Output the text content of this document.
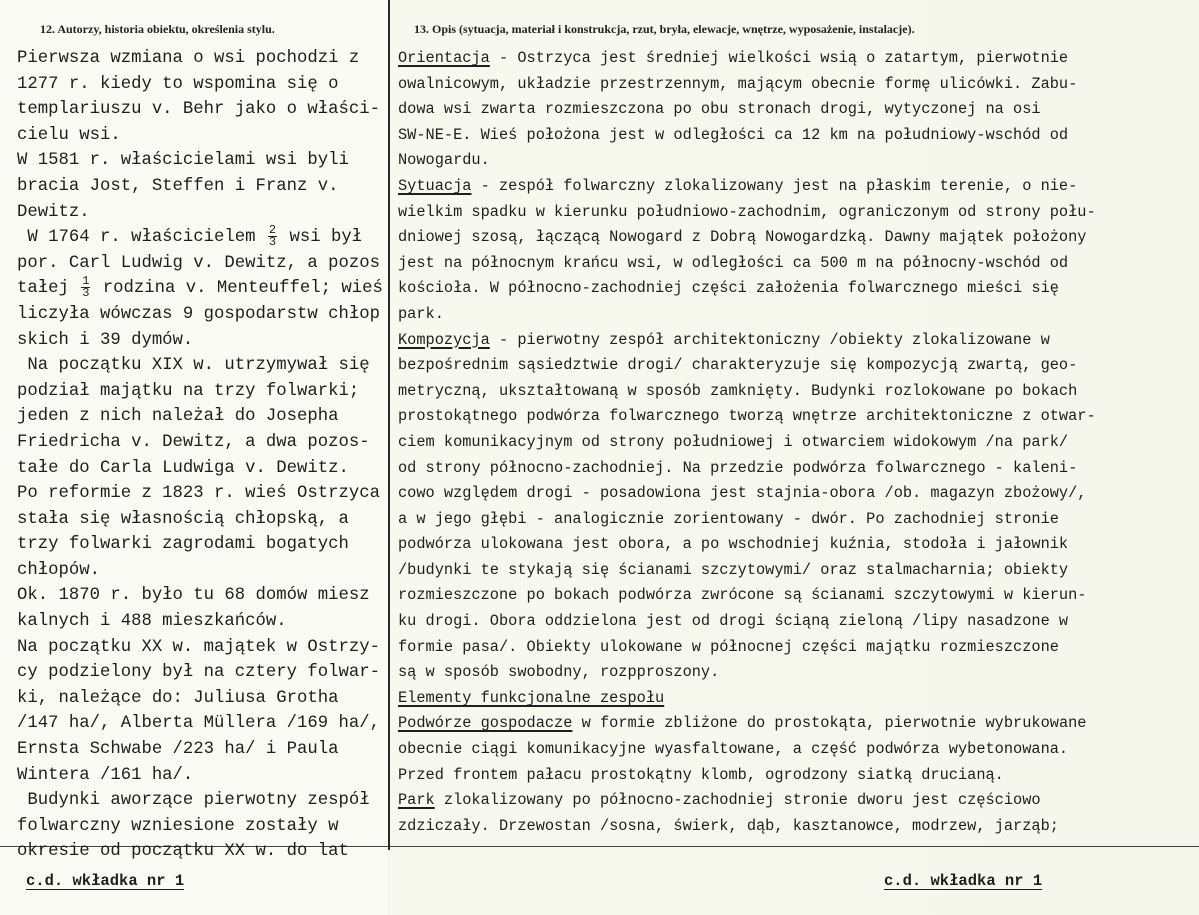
12. Autorzy, historia obiektu, określenia stylu.	13. Opis (sytuacja, materiał i konstrukcja, rzut, bryła, elewacje, wnętrze, wyposażenie, instalacje).
Pierwsza wzmiana o wsi pochodzi z
1277 r. kiedy to wspomina się o
templariuszu v. Behr jako o właści-
cielu wsi.
W 1581 r. właścicielami wsi byli
bracia Jost, Steffen i Franz v.
Dewitz.
W 1764 r. właścicielem $\frac{2}{3}$ wsi był
por. Carl Ludwig v. Dewitz, a pozos
tałej $\frac{1}{3}$ rodzina v. Menteuffel; wieś
liczyła wówczas 9 gospodarstw chłop
skich i 39 dymów.
Na początku XIX w. utrzymywał się
podział majątku na trzy folwarki;
jeden z nich należał do Josepha
Friedricha v. Dewitz, a dwa pozos-
tałe do Carla Ludwiga v. Dewitz.
Po reformie z 1823 r. wieś Ostrzyca
stała się własnością chłopską, a
trzy folwarki zagrodami bogatych
chłopów.
Ok. 1870 r. było tu 68 domów miesz
kalnych i 488 mieszkańców.
Na początku XX w. majątek w Ostrzy-
cy podzielony był na cztery folwar-
ki, należące do: Juliusa Grotha
/147 ha/, Alberta Müllera /169 ha/,
Ernsta Schwabe /223 ha/ i Paula
Wintera /161 ha/.
Budynki aworzące pierwotny zespół
folwarczny wzniesione zostały w
okresie od początku XX w. do lat
Orientacja - Ostrzyca jest średniej wielkości wsią o zatartym, pierwotnie
owalnicowym, układzie przestrzennym, mającym obecnie formę ulicówki. Zabu-
dowa wsi zwarta rozmieszczona po obu stronach drogi, wytyczonej na osi
SW-NE-E. Wieś położona jest w odległości ca 12 km na południowy-wschód od
Nowogardu.
Sytuacja - zespół folwarczny zlokalizowany jest na płaskim terenie, o nie-
wielkim spadku w kierunku południowo-zachodnim, ograniczonym od strony połu-
dniowej szosą, łączącą Nowogard z Dobrą Nowogardzką. Dawny majątek położony
jest na północnym krańcu wsi, w odległości ca 500 m na północny-wschód od
kościoła. W północno-zachodniej części założenia folwarcznego mieści się
park.
Kompozycja - pierwotny zespół architektoniczny /obiekty zlokalizowane w
bezpośrednim sąsiedztwie drogi/ charakteryzuje się kompozycją zwartą, geo-
metryczną, ukształtowaną w sposób zamknięty. Budynki rozlokowane po bokach
prostokątnego podwórza folwarcznego tworzą wnętrze architektoniczne z otwar-
ciem komunikacyjnym od strony południowej i otwarciem widokowym /na park/
od strony północno-zachodniej. Na przedzie podwórza folwarcznego - kaleni-
cowo względem drogi - posadowiona jest stajnia-obora /ob. magazyn zbożowy/,
a w jego głębi - analogicznie zorientowany - dwór. Po zachodniej stronie
podwórza ulokowana jest obora, a po wschodniej kuźnia, stodoła i jałownik
/budynki te stykają się ścianami szczytowymi/ oraz stalmacharnia; obiekty
rozmieszczone po bokach podwórza zwrócone są ścianami szczytowymi w kierun-
ku drogi. Obora oddzielona jest od drogi ściąną zieloną /lipy nasadzone w
formie pasa/. Obiekty ulokowane w północnej części majątku rozmieszczone
są w sposób swobodny, rozpproszony.
Elementy funkcjonalne zespołu
Podwórze gospodacze w formie zbliżone do prostokąta, pierwotnie wybrukowane
obecnie ciągi komunikacyjne wyasfaltowane, a część podwórza wybetonowana.
Przed frontem pałacu prostokątny klomb, ogrodzony siatką drucianą.
Park zlokalizowany po północno-zachodniej stronie dworu jest częściowo
zdziczały. Drzewostan /sosna, świerk, dąb, kasztanowce, modrzew, jarząb;
c.d. wkładka nr 1	c.d. wkładka nr 1
